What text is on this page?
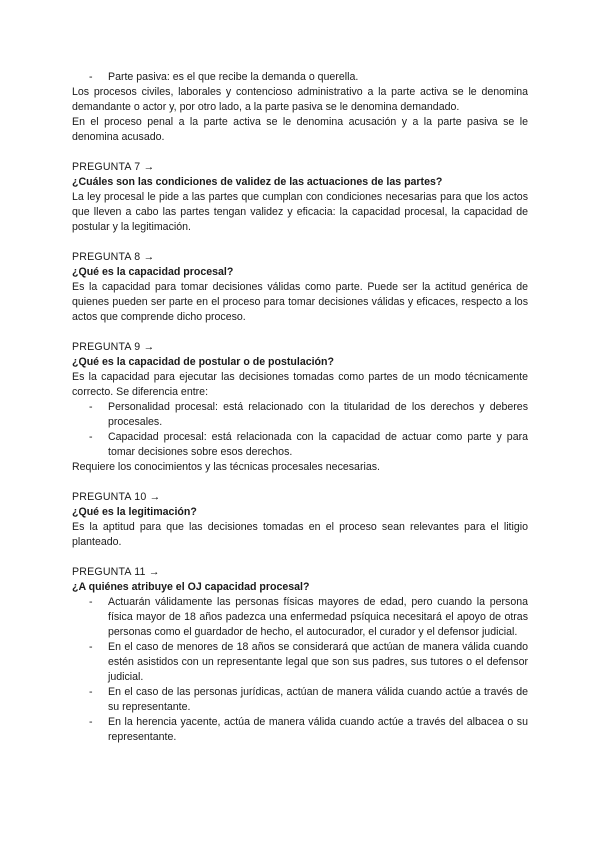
- Parte pasiva: es el que recibe la demanda o querella.

Los procesos civiles, laborales y contencioso administrativo a la parte activa se le denomina demandante o actor y, por otro lado, a la parte pasiva se le denomina demandado.

En el proceso penal a la parte activa se le denomina acusación y a la parte pasiva se le denomina acusado.

PREGUNTA 7 →

¿Cuáles son las condiciones de validez de las actuaciones de las partes?

La ley procesal le pide a las partes que cumplan con condiciones necesarias para que los actos que lleven a cabo las partes tengan validez y eficacia: la capacidad procesal, la capacidad de postular y la legitimación.

PREGUNTA 8 →

¿Qué es la capacidad procesal?

Es la capacidad para tomar decisiones válidas como parte. Puede ser la actitud genérica de quienes pueden ser parte en el proceso para tomar decisiones válidas y eficaces, respecto a los actos que comprende dicho proceso.

PREGUNTA 9 →

¿Qué es la capacidad de postular o de postulación?

Es la capacidad para ejecutar las decisiones tomadas como partes de un modo técnicamente correcto. Se diferencia entre:

- Personalidad procesal: está relacionado con la titularidad de los derechos y deberes procesales.
- Capacidad procesal: está relacionada con la capacidad de actuar como parte y para tomar decisiones sobre esos derechos.

Requiere los conocimientos y las técnicas procesales necesarias.

PREGUNTA 10 →

¿Qué es la legitimación?

Es la aptitud para que las decisiones tomadas en el proceso sean relevantes para el litigio planteado.

PREGUNTA 11 →

¿A quiénes atribuye el OJ capacidad procesal?

- Actuarán válidamente las personas físicas mayores de edad, pero cuando la persona física mayor de 18 años padezca una enfermedad psíquica necesitará el apoyo de otras personas como el guardador de hecho, el autocurador, el curador y el defensor judicial.
- En el caso de menores de 18 años se considerará que actúan de manera válida cuando estén asistidos con un representante legal que son sus padres, sus tutores o el defensor judicial.
- En el caso de las personas jurídicas, actúan de manera válida cuando actúe a través de su representante.
- En la herencia yacente, actúa de manera válida cuando actúe a través del albacea o su representante.
